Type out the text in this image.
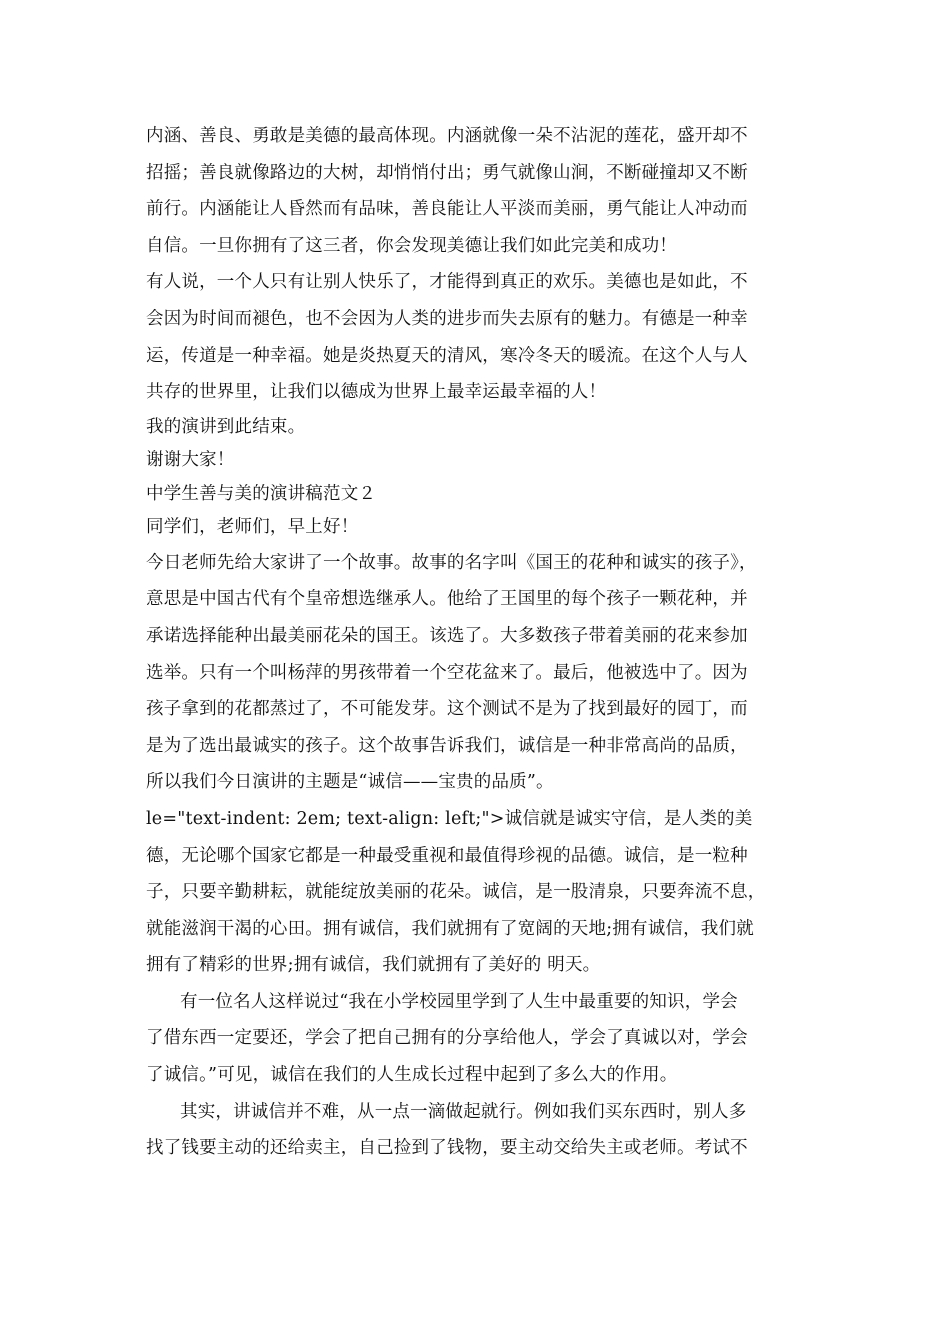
内涵、善良、勇敢是美德的最高体现。内涵就像一朵不沾泥的莲花，盛开却不
招摇；善良就像路边的大树，却悄悄付出；勇气就像山涧，不断碰撞却又不断
前行。内涵能让人昏然而有品味，善良能让人平淡而美丽，勇气能让人冲动而
自信。一旦你拥有了这三者，你会发现美德让我们如此完美和成功！
有人说，一个人只有让别人快乐了，才能得到真正的欢乐。美德也是如此，不
会因为时间而褪色，也不会因为人类的进步而失去原有的魅力。有德是一种幸
运，传道是一种幸福。她是炎热夏天的清风，寒冷冬天的暖流。在这个人与人
共存的世界里，让我们以德成为世界上最幸运最幸福的人！
我的演讲到此结束。
谢谢大家！
中学生善与美的演讲稿范文２
同学们，老师们，早上好！
今日老师先给大家讲了一个故事。故事的名字叫《国王的花种和诚实的孩子》，
意思是中国古代有个皇帝想选继承人。他给了王国里的每个孩子一颗花种，并
承诺选择能种出最美丽花朵的国王。该选了。大多数孩子带着美丽的花来参加
选举。只有一个叫杨萍的男孩带着一个空花盆来了。最后，他被选中了。因为
孩子拿到的花都蒸过了，不可能发芽。这个测试不是为了找到最好的园丁，而
是为了选出最诚实的孩子。这个故事告诉我们，诚信是一种非常高尚的品质，
所以我们今日演讲的主题是“诚信——宝贵的品质”。
le="text-indent: 2em; text-align: left;">诚信就是诚实守信，是人类的美
德，无论哪个国家它都是一种最受重视和最值得珍视的品德。诚信，是一粒种
子，只要辛勤耕耘，就能绽放美丽的花朵。诚信，是一股清泉，只要奔流不息，
就能滋润干渴的心田。拥有诚信，我们就拥有了宽阔的天地;拥有诚信，我们就
拥有了精彩的世界;拥有诚信，我们就拥有了美好的 明天。
有一位名人这样说过“我在小学校园里学到了人生中最重要的知识，学会
了借东西一定要还，学会了把自己拥有的分享给他人，学会了真诚以对，学会
了诚信。”可见，诚信在我们的人生成长过程中起到了多么大的作用。
其实，讲诚信并不难，从一点一滴做起就行。例如我们买东西时，别人多
找了钱要主动的还给卖主，自己捡到了钱物，要主动交给失主或老师。考试不
